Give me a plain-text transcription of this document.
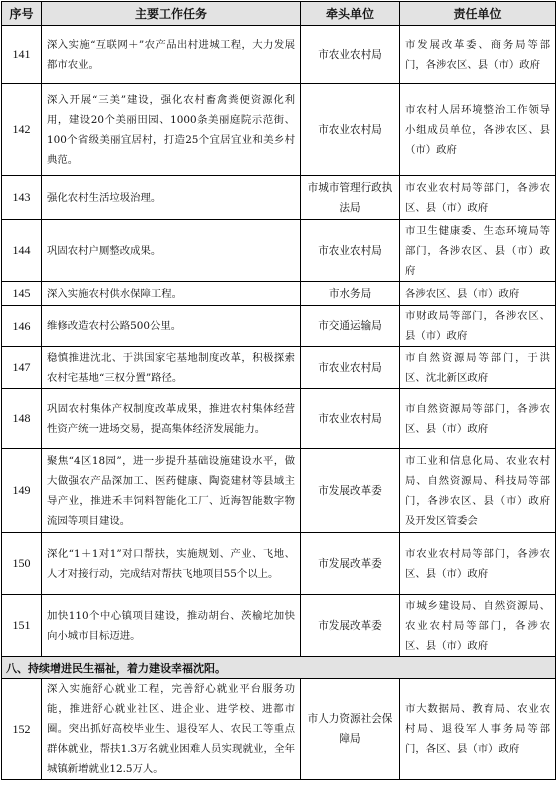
序号	主要工作任务	牵头单位	责任单位
141	深入实施“互联网＋”农产品出村进城工程，大力发展都市农业。	市农业农村局	市发展改革委、商务局等部门，各涉农区、县（市）政府
142	深入开展“三美”建设，强化农村畜禽粪便资源化利用，建设20个美丽田园、1000条美丽庭院示范街、100个省级美丽宜居村，打造25个宜居宜业和美乡村典范。	市农业农村局	市农村人居环境整治工作领导小组成员单位，各涉农区、县（市）政府
143	强化农村生活垃圾治理。	市城市管理行政执法局	市农业农村局等部门，各涉农区、县（市）政府
144	巩固农村户厕整改成果。	市农业农村局	市卫生健康委、生态环境局等部门，各涉农区、县（市）政府
145	深入实施农村供水保障工程。	市水务局	各涉农区、县（市）政府
146	维修改造农村公路500公里。	市交通运输局	市财政局等部门，各涉农区、县（市）政府
147	稳慎推进沈北、于洪国家宅基地制度改革，积极探索农村宅基地“三权分置”路径。	市农业农村局	市自然资源局等部门，于洪区、沈北新区政府
148	巩固农村集体产权制度改革成果，推进农村集体经营性资产统一进场交易，提高集体经济发展能力。	市农业农村局	市自然资源局等部门，各涉农区、县（市）政府
149	聚焦“4区18园”，进一步提升基础设施建设水平，做大做强农产品深加工、医药健康、陶瓷建材等县域主导产业，推进禾丰饲料智能化工厂、近海智能数字物流园等项目建设。	市发展改革委	市工业和信息化局、农业农村局、自然资源局、科技局等部门，各涉农区、县（市）政府及开发区管委会
150	深化“1＋1对1”对口帮扶，实施规划、产业、飞地、人才对接行动，完成结对帮扶飞地项目55个以上。	市发展改革委	市农业农村局等部门，各涉农区、县（市）政府
151	加快110个中心镇项目建设，推动胡台、茨榆坨加快向小城市目标迈进。	市发展改革委	市城乡建设局、自然资源局、农业农村局等部门，各涉农区、县（市）政府
八、持续增进民生福祉，着力建设幸福沈阳。			
152	深入实施舒心就业工程，完善舒心就业平台服务功能，推进舒心就业社区、进企业、进学校、进都市圈。突出抓好高校毕业生、退役军人、农民工等重点群体就业，帮扶1.3万名就业困难人员实现就业，全年城镇新增就业12.5万人。	市人力资源社会保障局	市大数据局、教育局、农业农村局、退役军人事务局等部门，各区、县（市）政府
